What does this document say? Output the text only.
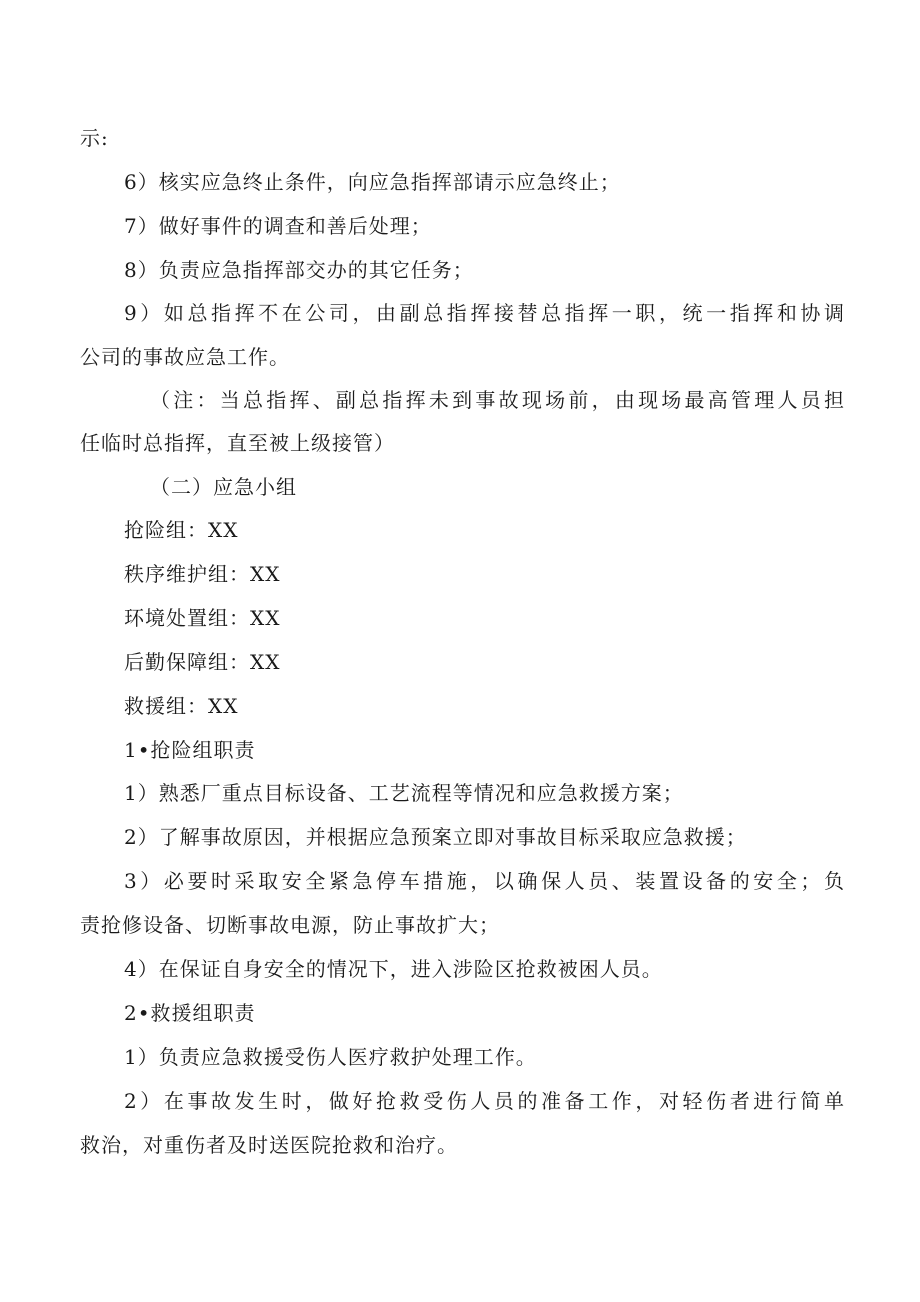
示:
6）核实应急终止条件，向应急指挥部请示应急终止；
7）做好事件的调查和善后处理；
8）负责应急指挥部交办的其它任务；
9）如总指挥不在公司，由副总指挥接替总指挥一职，统一指挥和协调
公司的事故应急工作。
（注：当总指挥、副总指挥未到事故现场前，由现场最高管理人员担
任临时总指挥，直至被上级接管）
（二）应急小组
抢险组：XX
秩序维护组：XX
环境处置组：XX
后勤保障组：XX
救援组：XX
1•抢险组职责
1）熟悉厂重点目标设备、工艺流程等情况和应急救援方案；
2）了解事故原因，并根据应急预案立即对事故目标采取应急救援；
3）必要时采取安全紧急停车措施，以确保人员、装置设备的安全；负
责抢修设备、切断事故电源，防止事故扩大；
4）在保证自身安全的情况下，进入涉险区抢救被困人员。
2•救援组职责
1）负责应急救援受伤人医疗救护处理工作。
2）在事故发生时，做好抢救受伤人员的准备工作，对轻伤者进行简单
救治，对重伤者及时送医院抢救和治疗。
